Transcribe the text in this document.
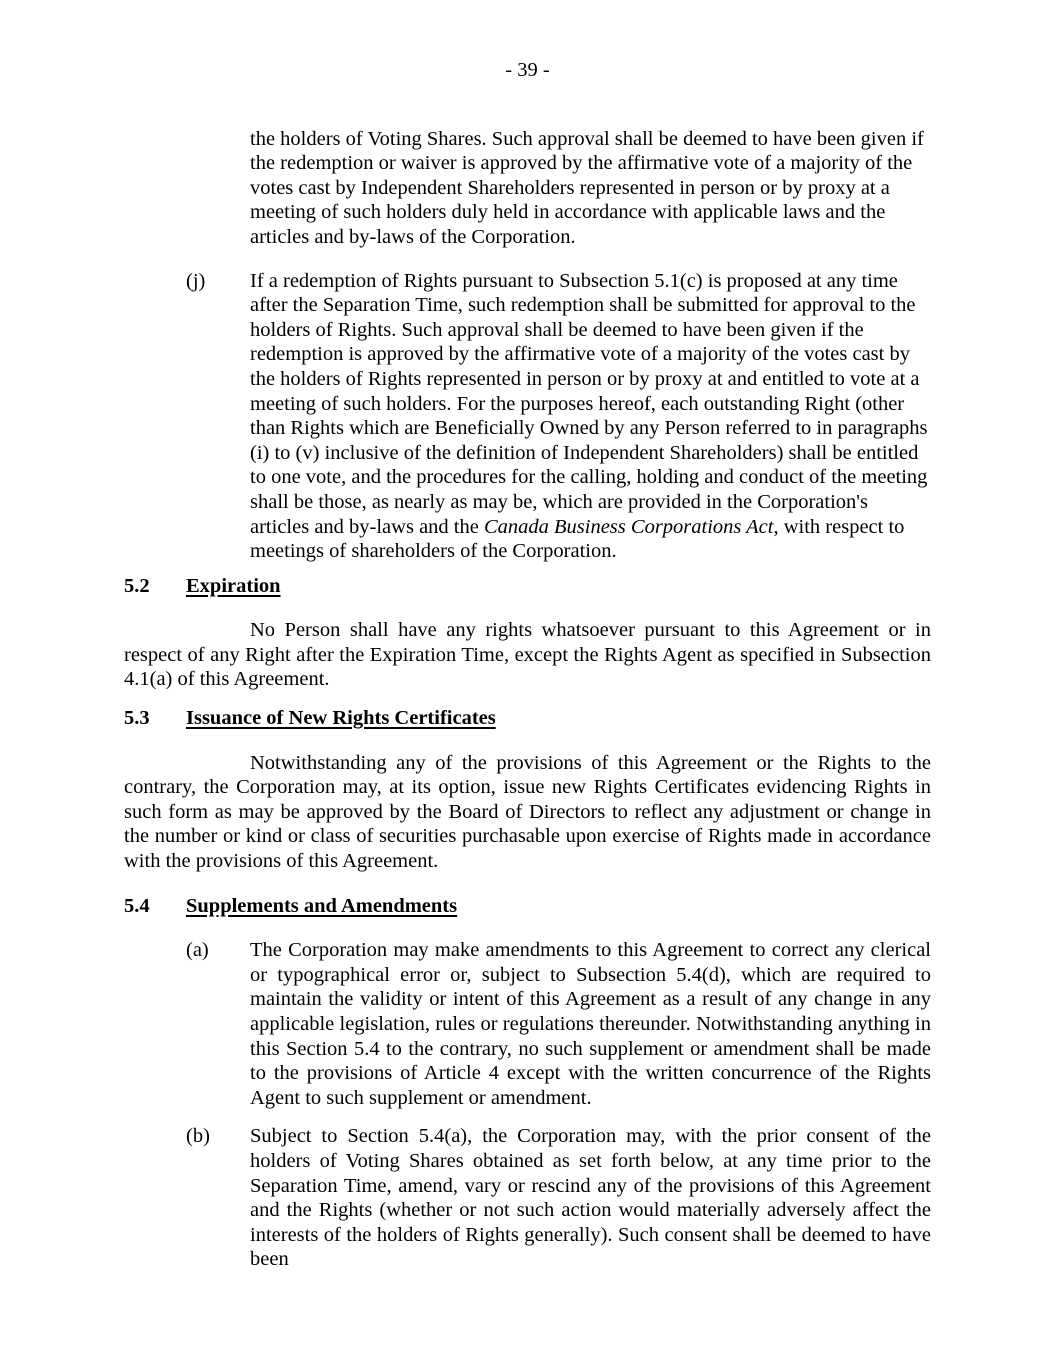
- 39 -
the holders of Voting Shares. Such approval shall be deemed to have been given if the redemption or waiver is approved by the affirmative vote of a majority of the votes cast by Independent Shareholders represented in person or by proxy at a meeting of such holders duly held in accordance with applicable laws and the articles and by-laws of the Corporation.
(j)	If a redemption of Rights pursuant to Subsection 5.1(c) is proposed at any time after the Separation Time, such redemption shall be submitted for approval to the holders of Rights. Such approval shall be deemed to have been given if the redemption is approved by the affirmative vote of a majority of the votes cast by the holders of Rights represented in person or by proxy at and entitled to vote at a meeting of such holders. For the purposes hereof, each outstanding Right (other than Rights which are Beneficially Owned by any Person referred to in paragraphs (i) to (v) inclusive of the definition of Independent Shareholders) shall be entitled to one vote, and the procedures for the calling, holding and conduct of the meeting shall be those, as nearly as may be, which are provided in the Corporation's articles and by-laws and the Canada Business Corporations Act, with respect to meetings of shareholders of the Corporation.
5.2 Expiration
No Person shall have any rights whatsoever pursuant to this Agreement or in respect of any Right after the Expiration Time, except the Rights Agent as specified in Subsection 4.1(a) of this Agreement.
5.3 Issuance of New Rights Certificates
Notwithstanding any of the provisions of this Agreement or the Rights to the contrary, the Corporation may, at its option, issue new Rights Certificates evidencing Rights in such form as may be approved by the Board of Directors to reflect any adjustment or change in the number or kind or class of securities purchasable upon exercise of Rights made in accordance with the provisions of this Agreement.
5.4 Supplements and Amendments
(a)	The Corporation may make amendments to this Agreement to correct any clerical or typographical error or, subject to Subsection 5.4(d), which are required to maintain the validity or intent of this Agreement as a result of any change in any applicable legislation, rules or regulations thereunder. Notwithstanding anything in this Section 5.4 to the contrary, no such supplement or amendment shall be made to the provisions of Article 4 except with the written concurrence of the Rights Agent to such supplement or amendment.
(b)	Subject to Section 5.4(a), the Corporation may, with the prior consent of the holders of Voting Shares obtained as set forth below, at any time prior to the Separation Time, amend, vary or rescind any of the provisions of this Agreement and the Rights (whether or not such action would materially adversely affect the interests of the holders of Rights generally). Such consent shall be deemed to have been
